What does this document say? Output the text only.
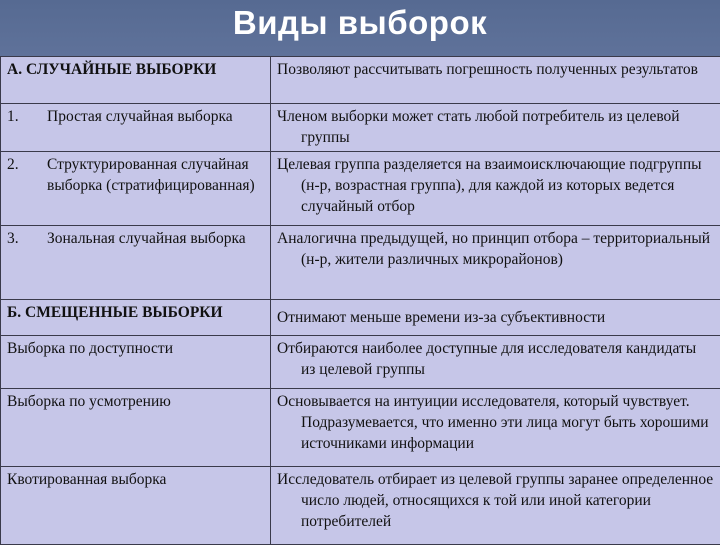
Виды выборок
А. СЛУЧАЙНЫЕ ВЫБОРКИ	Позволяют рассчитывать погрешность полученных результатов

1. Простая случайная выборка	Членом выборки может стать любой потребитель из целевой группы

2. Структурированная случайная выборка (стратифицированная)	Целевая группа разделяется на взаимоисключающие подгруппы (н-р, возрастная группа), для каждой из которых ведется случайный отбор

3. Зональная случайная выборка	Аналогична предыдущей, но принцип отбора – территориальный (н-р, жители различных микрорайонов)

Б. СМЕЩЕННЫЕ ВЫБОРКИ	Отнимают меньше времени из-за субъективности

Выборка по доступности	Отбираются наиболее доступные для исследователя кандидаты из целевой группы

Выборка по усмотрению	Основывается на интуиции исследователя, который чувствует. Подразумевается, что именно эти лица могут быть хорошими источниками информации

Квотированная выборка	Исследователь отбирает из целевой группы заранее определенное число людей, относящихся к той или иной категории потребителей
